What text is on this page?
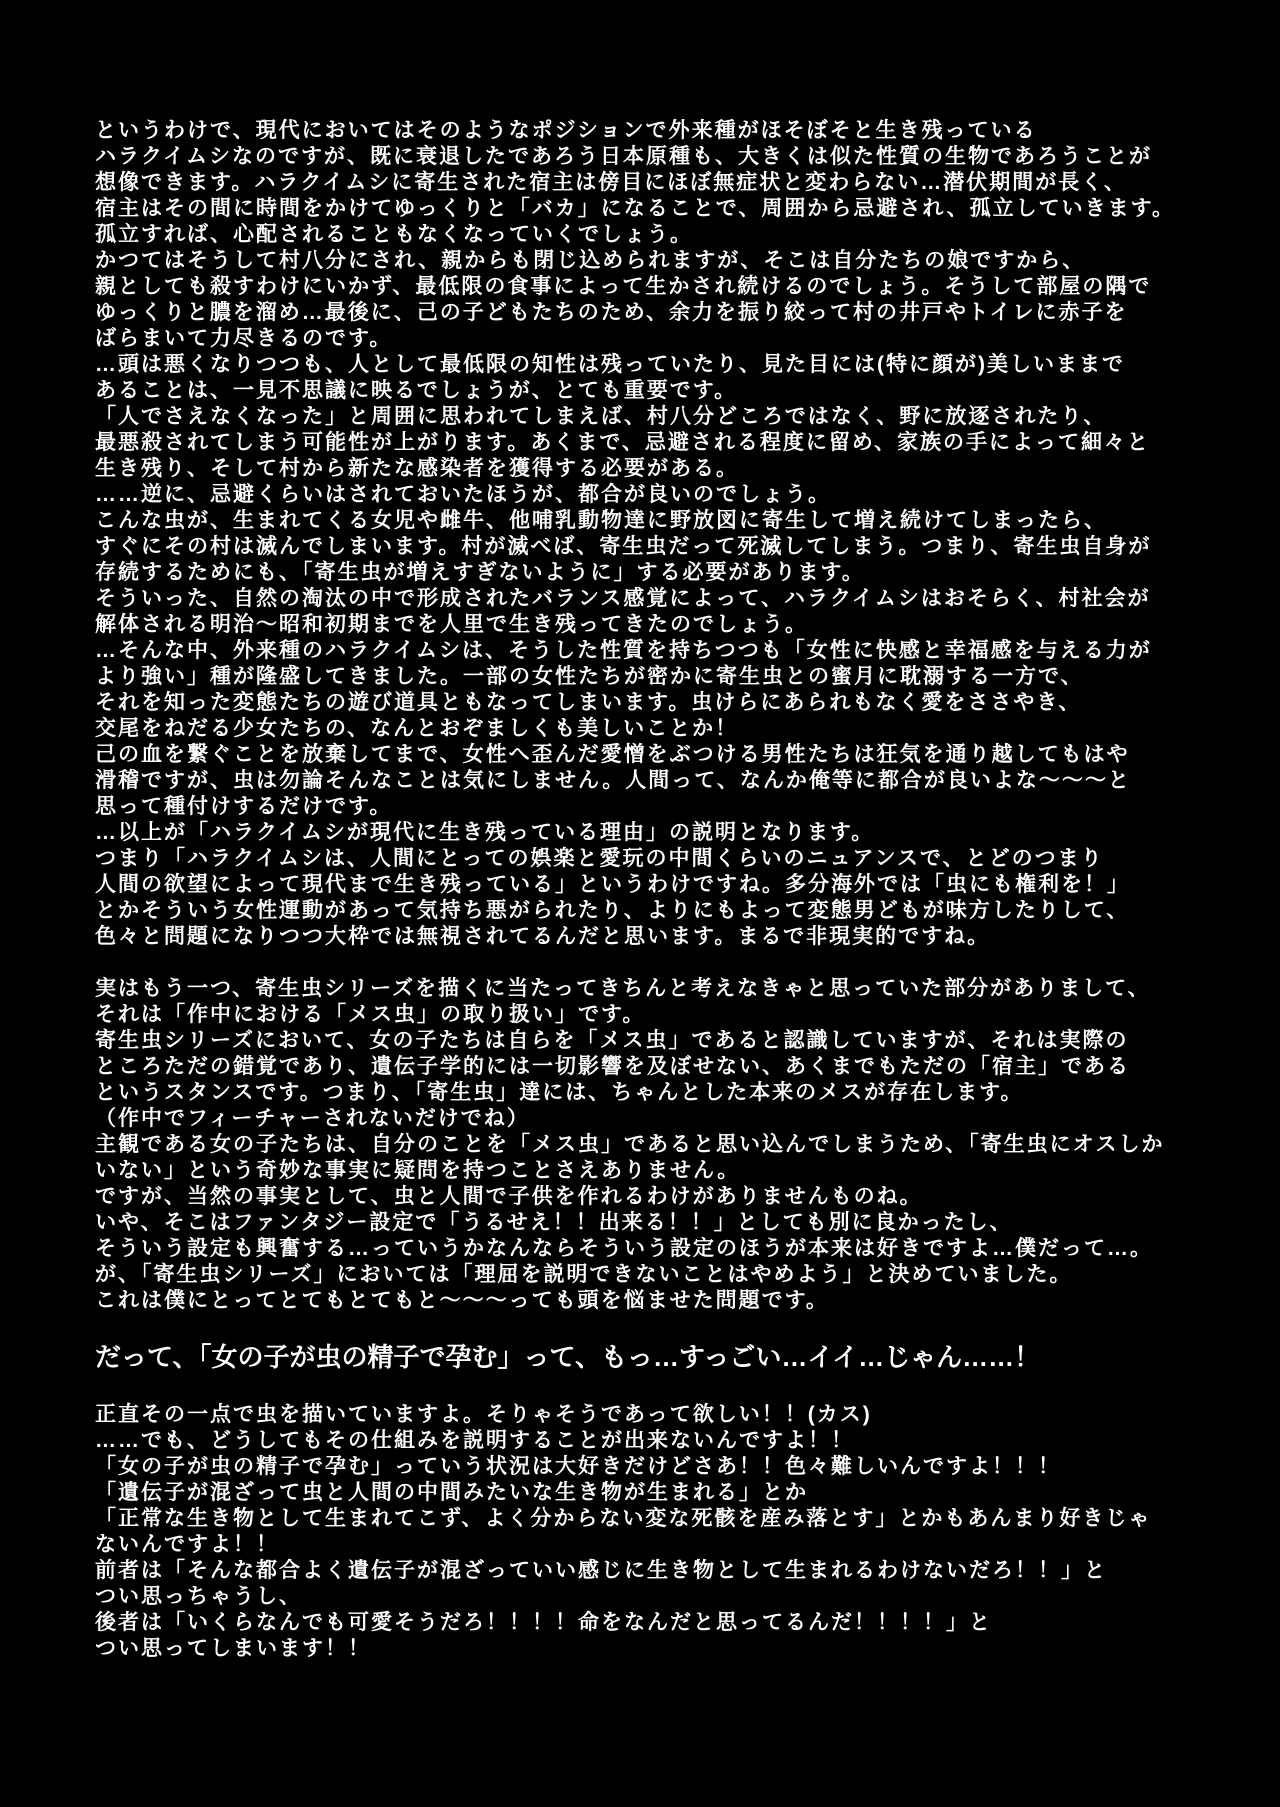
というわけで、現代においてはそのようなポジションで外来種がほそぼそと生き残っている
ハラクイムシなのですが、既に衰退したであろう日本原種も、大きくは似た性質の生物であろうことが
想像できます。ハラクイムシに寄生された宿主は傍目にほぼ無症状と変わらない…潜伏期間が長く、
宿主はその間に時間をかけてゆっくりと「バカ」になることで、周囲から忌避され、孤立していきます。
孤立すれば、心配されることもなくなっていくでしょう。
かつてはそうして村八分にされ、親からも閉じ込められますが、そこは自分たちの娘ですから、
親としても殺すわけにいかず、最低限の食事によって生かされ続けるのでしょう。そうして部屋の隅で
ゆっくりと膿を溜め…最後に、己の子どもたちのため、余力を振り絞って村の井戸やトイレに赤子を
ばらまいて力尽きるのです。
…頭は悪くなりつつも、人として最低限の知性は残っていたり、見た目には(特に顔が)美しいままで
あることは、一見不思議に映るでしょうが、とても重要です。
「人でさえなくなった」と周囲に思われてしまえば、村八分どころではなく、野に放逐されたり、
最悪殺されてしまう可能性が上がります。あくまで、忌避される程度に留め、家族の手によって細々と
生き残り、そして村から新たな感染者を獲得する必要がある。
……逆に、忌避くらいはされておいたほうが、都合が良いのでしょう。
こんな虫が、生まれてくる女児や雌牛、他哺乳動物達に野放図に寄生して増え続けてしまったら、
すぐにその村は滅んでしまいます。村が滅べば、寄生虫だって死滅してしまう。つまり、寄生虫自身が
存続するためにも、「寄生虫が増えすぎないように」する必要があります。
そういった、自然の淘汰の中で形成されたバランス感覚によって、ハラクイムシはおそらく、村社会が
解体される明治〜昭和初期までを人里で生き残ってきたのでしょう。
…そんな中、外来種のハラクイムシは、そうした性質を持ちつつも「女性に快感と幸福感を与える力が
より強い」種が隆盛してきました。一部の女性たちが密かに寄生虫との蜜月に耽溺する一方で、
それを知った変態たちの遊び道具ともなってしまいます。虫けらにあられもなく愛をささやき、
交尾をねだる少女たちの、なんとおぞましくも美しいことか！
己の血を繋ぐことを放棄してまで、女性へ歪んだ愛憎をぶつける男性たちは狂気を通り越してもはや
滑稽ですが、虫は勿論そんなことは気にしません。人間って、なんか俺等に都合が良いよな〜〜〜と
思って種付けするだけです。
…以上が「ハラクイムシが現代に生き残っている理由」の説明となります。
つまり「ハラクイムシは、人間にとっての娯楽と愛玩の中間くらいのニュアンスで、とどのつまり
人間の欲望によって現代まで生き残っている」というわけですね。多分海外では「虫にも権利を！」
とかそういう女性運動があって気持ち悪がられたり、よりにもよって変態男どもが味方したりして、
色々と問題になりつつ大枠では無視されてるんだと思います。まるで非現実的ですね。
実はもう一つ、寄生虫シリーズを描くに当たってきちんと考えなきゃと思っていた部分がありまして、
それは「作中における「メス虫」の取り扱い」です。
寄生虫シリーズにおいて、女の子たちは自らを「メス虫」であると認識していますが、それは実際の
ところただの錯覚であり、遺伝子学的には一切影響を及ぼせない、あくまでもただの「宿主」である
というスタンスです。つまり、「寄生虫」達には、ちゃんとした本来のメスが存在します。
（作中でフィーチャーされないだけでね）
主観である女の子たちは、自分のことを「メス虫」であると思い込んでしまうため、「寄生虫にオスしか
いない」という奇妙な事実に疑問を持つことさえありません。
ですが、当然の事実として、虫と人間で子供を作れるわけがありませんものね。
いや、そこはファンタジー設定で「うるせえ！！出来る！！」としても別に良かったし、
そういう設定も興奮する…っていうかなんならそういう設定のほうが本来は好きですよ…僕だって…。
が、「寄生虫シリーズ」においては「理屈を説明できないことはやめよう」と決めていました。
これは僕にとってとてもとてもと〜〜〜っても頭を悩ませた問題です。
だって、「女の子が虫の精子で孕む」って、もっ…すっごい…イイ…じゃん……！
正直その一点で虫を描いていますよ。そりゃそうであって欲しい！！(カス)
……でも、どうしてもその仕組みを説明することが出来ないんですよ！！
「女の子が虫の精子で孕む」っていう状況は大好きだけどさあ！！色々難しいんですよ！！！
「遺伝子が混ざって虫と人間の中間みたいな生き物が生まれる」とか
「正常な生き物として生まれてこず、よく分からない変な死骸を産み落とす」とかもあんまり好きじゃ
ないんですよ！！
前者は「そんな都合よく遺伝子が混ざっていい感じに生き物として生まれるわけないだろ！！」と
つい思っちゃうし、
後者は「いくらなんでも可愛そうだろ！！！！命をなんだと思ってるんだ！！！！」と
つい思ってしまいます！！
